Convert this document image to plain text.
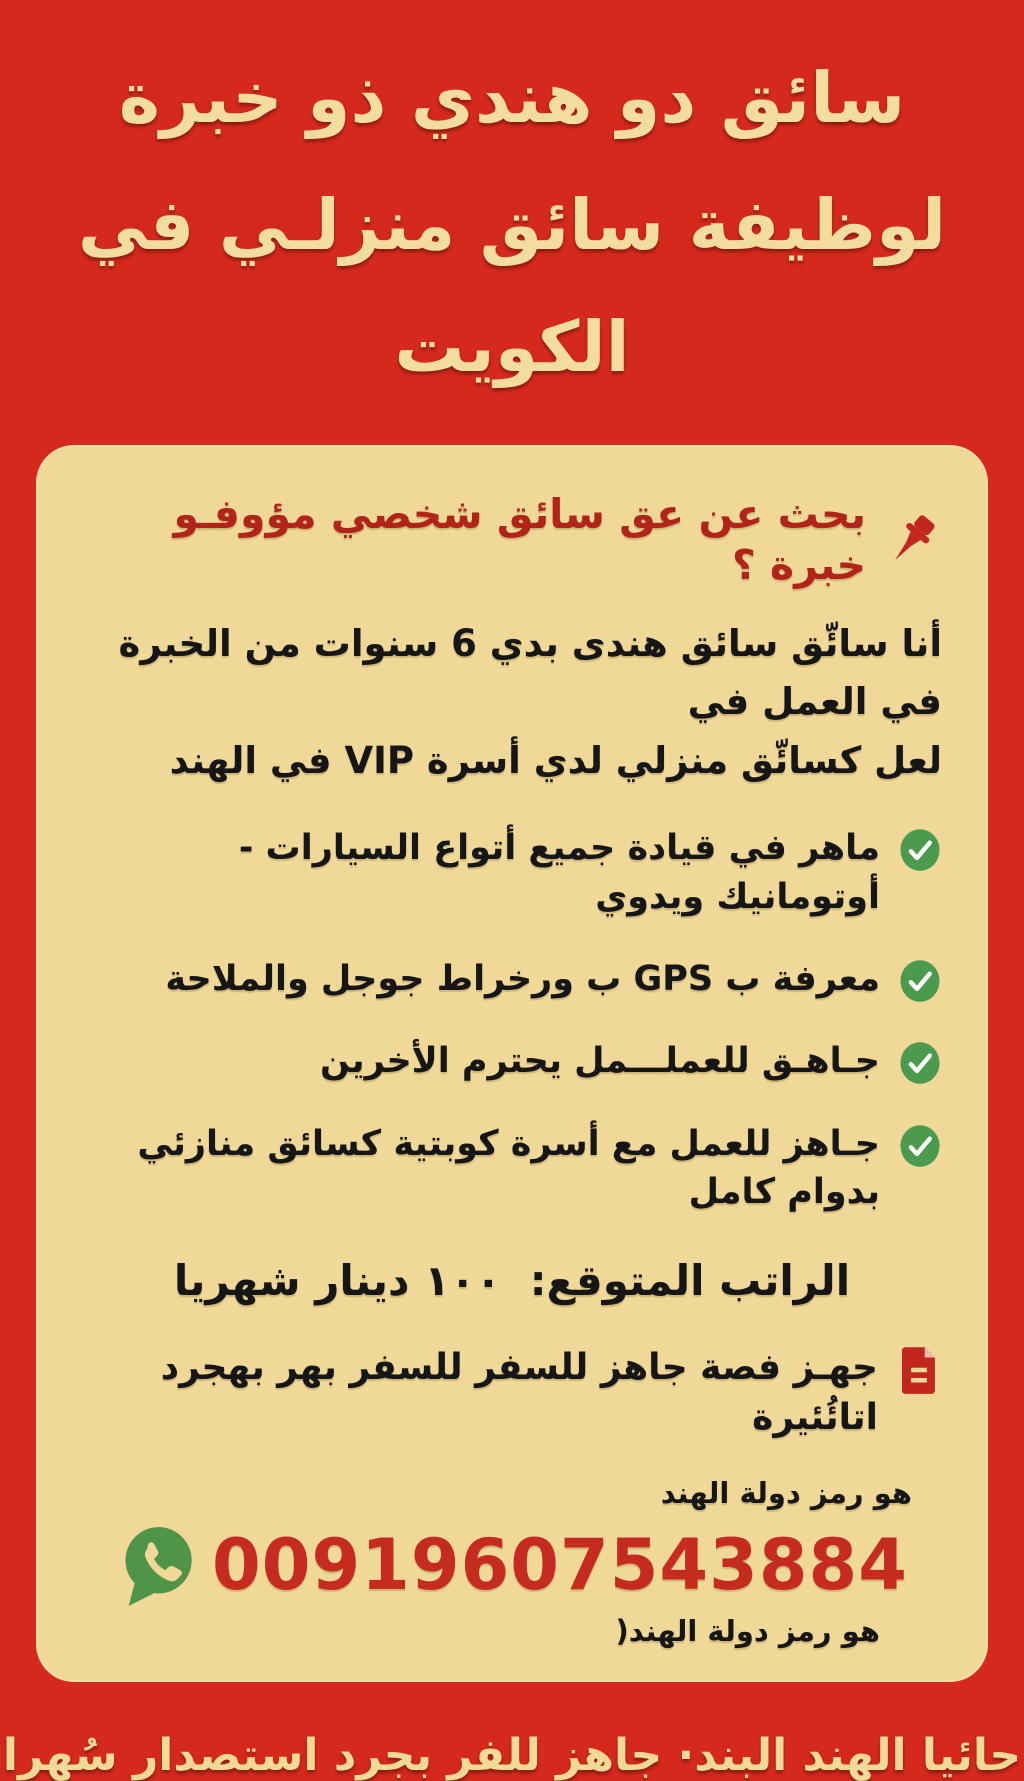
سائق دو هندي ذو خبرة
لوظيفة سائق منزلـي في الكويت
بحث عن عق سائق شخصي مؤوفـو خبرة ؟
أنا سائّق سائق هندى بدي 6 سنوات من الخبرة في العمل في
لعل كسائّق منزلي لدي أسرة VIP في الهند
ماهر في قيادة جميع أتواع السيارات - أوتومانيك ويدوي
معرفة ب GPS ب ورخراط جوجل والملاحة
جـاهـق للعملـــمل يحترم الأخرين
جـاهز للعمل مع أسرة كوبتية كسائق منازئي بدوام كامل
الراتب المتوقع: ١٠٠ دينار شهريا
جهـز فصة جاهز للسفر للسفر بهر بهجرد اتائُئيرة
هو رمز دولة الهند
00919607543884
هو رمز دولة الهند(
حائيا الهند البند· جاهز للفر بجرد استصدار سُهرا
